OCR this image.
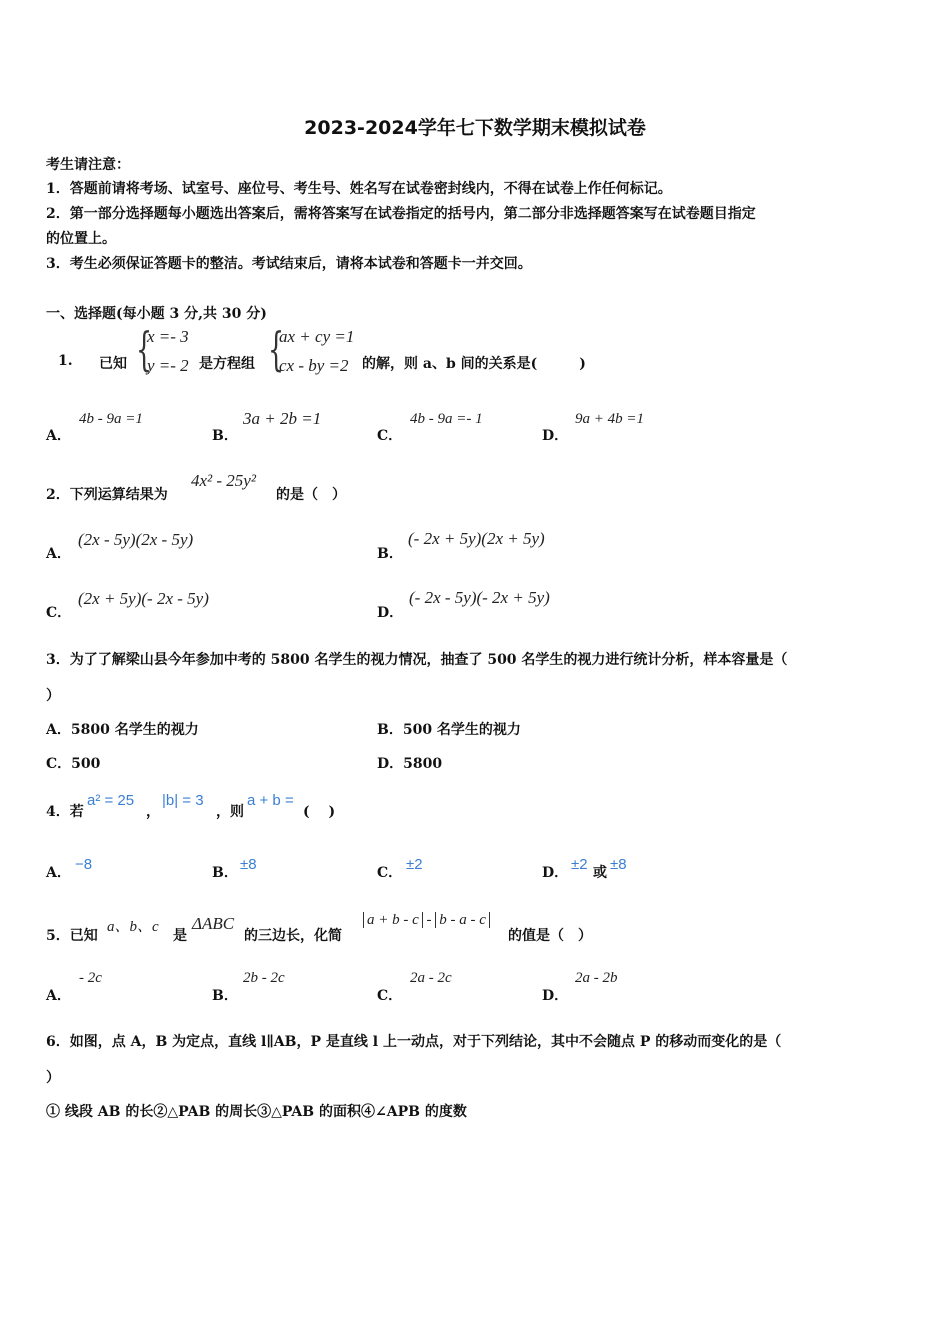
2023-2024学年七下数学期末模拟试卷
考生请注意：
1．答题前请将考场、试室号、座位号、考生号、姓名写在试卷密封线内，不得在试卷上作任何标记。
2．第一部分选择题每小题选出答案后，需将答案写在试卷指定的括号内，第二部分非选择题答案写在试卷题目指定
的位置上。
3．考生必须保证答题卡的整洁。考试结束后，请将本试卷和答题卡一并交回。
一、选择题(每小题 3 分,共 30 分)
1. 已知 {
x =- 3
y =- 2 是方程组 {
ax + cy =1
cx - by =2 的解，则 a、b 间的关系是(　　　)
A．
4b - 9a =1
B．
3a + 2b =1
C．
4b - 9a =- 1
D．
9a + 4b =1
2．下列运算结果为
4x² - 25y²
的是（　）
A．
(2x - 5y)(2x - 5y)
B．
(- 2x + 5y)(2x + 5y)
C．
(2x + 5y)(- 2x - 5y)
D．
(- 2x - 5y)(- 2x + 5y)
3．为了了解梁山县今年参加中考的 5800 名学生的视力情况，抽查了 500 名学生的视力进行统计分析，样本容量是（
）
A．5800 名学生的视力	B．500 名学生的视力
C．500	D．5800
4．若
a² = 25
，
|b| = 3
，则
a + b =
(　 )
A． −8	B． ±8	C． ±2	D． ±2 或 ±8
5．已知
a、b、c
是
ΔABC
的三边长，化简
a + b - c - b - a - c
的值是（　）
A．
- 2c
B．
2b - 2c
C．
2a - 2c
D．
2a - 2b
6．如图，点 A，B 为定点，直线 l∥AB，P 是直线 l 上一动点，对于下列结论，其中不会随点 P 的移动而变化的是（
）
① 线段 AB 的长②△PAB 的周长③△PAB 的面积④∠APB 的度数
